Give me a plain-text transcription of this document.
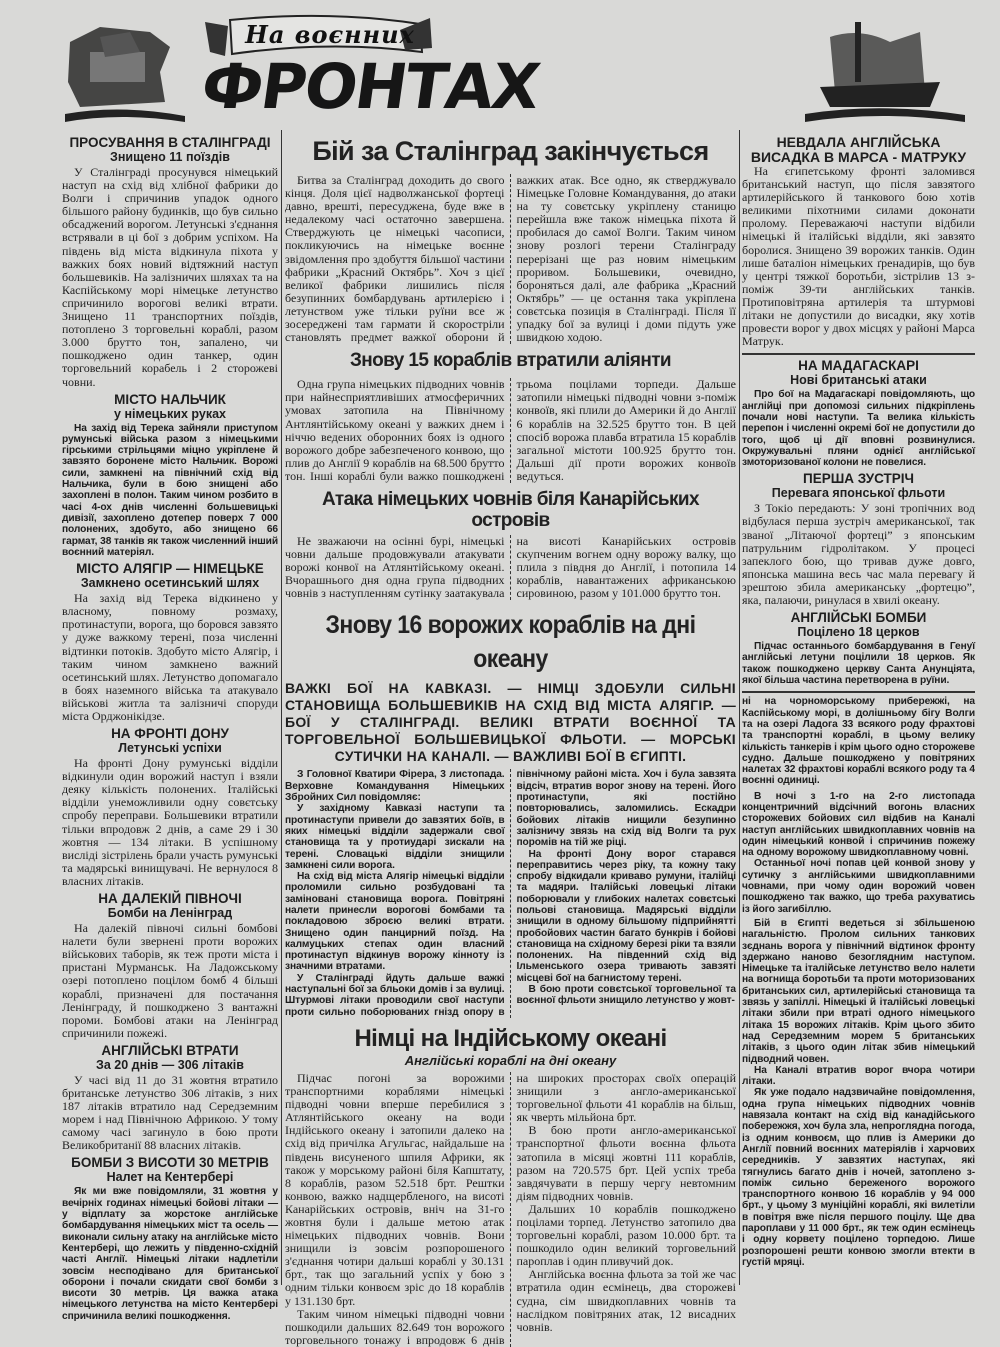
На воєнних
ФРОНТАХ
ПРОСУВАННЯ В СТАЛІНГРАДІ
Знищено 11 поїздів

У Сталінграді просунувся німецький наступ на схід від хлібної фабрики до Волги і спричинив упадок одного більшого району будинків, що був сильно обсаджений ворогом. Летунські з'єднання встрявали в ці бої з добрим успіхом. На південь від міста відкинула піхота у важких боях новий відтяжний наступ большевиків. На залізничих шляхах та на Каспійському морі німецьке летунство спричинило ворогові великі втрати. Знищено 11 транспортних поїздів, потоплено 3 торговельні кораблі, разом 3.000 брутто тон, запалено, чи пошкоджено один танкер, один торговельний корабель і 2 сторожеві човни.

МІСТО НАЛЬЧИК
у німецьких руках

На захід від Терека зайняли приступом румунські війська разом з німецькими гірськими стрільцями міцно укріплене й завзято боронене місто Нальчик. Ворожі сили, замкнені на північний схід від Нальчика, були в бою знищені або захоплені в полон. Таким чином розбито в часі 4-ох днів численні большевицькі дивізії, захоплено дотепер поверх 7 000 полонених, здобуто, або знищено 66 гармат, 38 танків як також численний інший воєнний матеріял.

МІСТО АЛЯГІР — НІМЕЦЬКЕ
Замкнено осетинський шлях

На захід від Терека відкинено у власному, повному розмаху, протинаступи, ворога, що боровся завзято у дуже важкому терені, поза численні відтинки потоків. Здобуто місто Алягір, і таким чином замкнено важний осетинський шлях. Летунство допомагало в боях наземного війська та атакувало військові житла та залізничі споруди міста Орджонікідзе.

НА ФРОНТІ ДОНУ
Летунські успіхи

На фронті Дону румунські відділи відкинули один ворожий наступ і взяли деяку кількість полонених. Італійські відділи унеможливили одну совєтську спробу переправи. Большевики втратили тільки впродовж 2 днів, а саме 29 і 30 жовтня — 134 літаки. В успішному висліді зістрілень брали участь румунські та мадярські винищувачі. Не вернулося 8 власних літаків.

НА ДАЛЕКІЙ ПІВНОЧІ
Бомби на Ленінград

На далекій півночі сильні бомбові налети були звернені проти ворожих військових таборів, як теж проти міста і пристані Мурманськ. На Ладожському озері потоплено поцілом бомб 4 більші кораблі, призначені для постачання Ленінграду, й пошкоджено 3 вантажні пороми. Бомбові атаки на Ленінград спричинили пожежі.

АНГЛІЙСЬКІ ВТРАТИ
За 20 днів — 306 літаків

У часі від 11 до 31 жовтня втратило британське летунство 306 літаків, з них 187 літаків втратило над Середземним морем і над Північною Африкою. У тому самому часі загинуло в бою проти Великобританії 88 власних літаків.

БОМБИ З ВИСОТИ 30 МЕТРІВ
Налет на Кентербері

Як ми вже повідомляли, 31 жовтня у вечірніх годинах німецькі бойові літаки — у відплату за жорстоке англійське бомбардування німецьких міст та осель — виконали сильну атаку на англійське місто Кентербері, що лежить у південно-східній часті Англії. Німецькі літаки надлетіли зовсім несподівано для британської оборони і почали скидати свої бомби з висоти 30 метрів. Ця важка атака німецького летунства на місто Кентербері спричинила великі пошкодження.

Бій за Сталінград закінчується

Битва за Сталінград доходить до свого кінця. Доля цієї надволжанської фортеці давно, врешті, пересуджена, буде вже в недалекому часі остаточно завершена. Стверджують це німецькі часописи, покликуючись на німецьке воєнне звідомлення про здобуття більшої частини фабрики „Красний Октябрь”. Хоч з цієї великої фабрики лишились після безупинних бомбардувань артилерією і летунством уже тільки руїни все ж зосереджені там гармати й скоростріли становлять предмет важкої оборони й важких атак. Все одно, як стверджувало Німецьке Головне Командування, до атаки на ту совєтську укріплену станицю перейшла вже також німецька піхота й пробилася до самої Волги. Таким чином знову розлогі терени Сталінграду перерізані ще раз новим німецьким проривом. Большевики, очевидно, боронятьcя далі, але фабрика „Красний Октябрь” — це остання така укріплена совєтська позиція в Сталінграді. Після її упадку бої за вулиці і доми підуть уже швидкою ходою.

Знову 15 кораблів втратили аліянти

Одна група німецьких підводних човнів при найнесприятливіших атмосферичних умовах затопила на Північному Антлянтійському океані у важких днем і ніччю ведених оборонних боях із одного ворожого добре забезпеченого конвою, що плив до Англії 9 кораблів на 68.500 брутто тон. Інші кораблі були важко пошкоджені трьома поцілами торпеди. Дальше затопили німецькі підводні човни з-поміж конвоїв, які плили до Америки й до Англії 6 кораблів на 32.525 брутто тон. В цей спосіб ворожа плавба втратила 15 кораблів загальної містоти 100.925 брутто тон. Дальші дії проти ворожих конвоїв ведуться.

Атака німецьких човнів біля Канарійських островів

Не зважаючи на осінні бурі, німецькі човни дальше продовжували атакувати ворожі конвої на Атлянтійському океані. Вчорашнього дня одна група підводних човнів з наступленням сутінку заатакувала на висоті Канарійських островів скупченим вогнем одну ворожу валку, що плила з півдня до Англії, і потопила 14 кораблів, навантажених африканською сировиною, разом у 101.000 брутто тон.

Знову 16 ворожих кораблів на дні океану
ВАЖКІ БОЇ НА КАВКАЗІ. — НІМЦІ ЗДОБУЛИ СИЛЬНІ СТАНОВИЩА БОЛЬШЕВИКІВ НА СХІД ВІД МІСТА АЛЯГІР. — БОЇ У СТАЛІНГРАДІ. ВЕЛИКІ ВТРАТИ ВОЄННОЇ ТА ТОРГОВЕЛЬНОЇ БОЛЬШЕВИЦЬКОЇ ФЛЬОТИ. — МОРСЬКІ СУТИЧКИ НА КАНАЛІ. — ВАЖЛИВІ БОЇ В ЄГИПТІ.

З Головної Кватири Фірера, 3 листопада. Верховне Командування Німецьких Збройних Сил повідомляє:

У західному Кавказі наступи та протинаступи привели до завзятих боїв, в яких німецькі відділи задержали свої становища та у протиударі зискали на терені. Словацькі відділи знищили замкнені сили ворога.

На схід від міста Алягір німецькі відділи проломили сильно розбудовані та заміновані становища ворога. Повітряні налети принесли ворогові бомбами та покладовою зброєю великі втрати. Знищено один панцирний поїзд. На калмуцьких степах один власний протинаступ відкинув ворожу кінноту із значними втратами.

У Сталінграді йдуть дальше важкі наступальні бої за бльоки домів і за вулиці. Штурмові літаки проводили свої наступи проти сильно поборюваних гнізд опору в північному районі міста. Хоч і була завзята відсіч, втратив ворог знову на терені. Його протинаступи, які постійно повторювались, заломились. Ескадри бойових літаків нищили безупинно залізничу звязь на схід від Волги та рух поромів на тій же ріці.

На фронті Дону ворог старався переправитись через ріку, та кожну таку спробу відкидали криваво румуни, італійці та мадяри. Італійські ловецькі літаки поборювали у глибоких налетах совєтські польові становища. Мадярські відділи знищили в одному більшому підприйнятті пробойових частин багато бункрів і бойові становища на східному березі ріки та взяли полонених. На південний схід від Ільменського озера тривають завзяті місцеві бої на багнистому терені.

В бою проти совєтської торговельної та воєнної фльоти знищило летунство у жовт-

Німці на Індійському океані
Англійські кораблі на дні океану

Підчас погоні за ворожими транспортними кораблями німецькі підводні човни вперше перебилися з Атлянтійського океану на води Індійського океану і затопили далеко на схід від причілка Агульгас, найдальше на південь висуненого шпиля Африки, як також у морському районі біля Капштату, 8 кораблів, разом 52.518 брт. Рештки конвою, важко надщербленого, на висоті Канарійських островів, вніч на 31-го жовтня були і дальше метою атак німецьких підводних човнів. Вони знищили із зовсім розпорошеного з'єднання чотири дальші кораблі у 30.131 брт., так що загальний успіх у бою з одним тільки конвоєм зріс до 18 кораблів у 131.130 брт.

Таким чином німецькі підводні човни пошкодили дальших 82.649 тон ворожого торговельного тонажу і впродовж 6 днів на широких просторах своїх операцій знищили з англо-американської торговельної фльоти 41 кораблів на більш, як чверть мільйона брт.

В бою проти англо-американської транспортної фльоти воєнна фльота затопила в місяці жовтні 111 кораблів, разом на 720.575 брт. Цей успіх треба завдячувати в першу чергу невтомним діям підводних човнів.

Дальших 10 кораблів пошкоджено поцілами торпед. Летунство затопило два торговельні кораблі, разом 10.000 брт. та пошкодило один великий торговельний пароплав і один пливучий док.

Англійська воєнна фльота за той же час втратила один есмінець, два сторожеві судна, сім швидкоплавних човнів та наслідком повітряних атак, 12 висадних човнів.

НЕВДАЛА АНГЛІЙСЬКА ВИСАДКА В МАРСА - МАТРУКУ

На єгипетському фронті заломився британський наступ, що після завзятого артилерійського й танкового бою хотів великими піхотними силами доконати пролому. Переважаючі наступи відбили німецькі й італійські відділи, які завзято боролися. Знищено 39 ворожих танків. Один лише баталіон німецьких ґренадирів, що був у центрі тяжкої боротьби, зістрілив 13 з-поміж 39-ти англійських танків. Протиповітряна артилерія та штурмові літаки не допустили до висадки, яку хотів провести ворог у двох місцях у районі Марса Матрук.

НА МАДАГАСКАРІ
Нові британські атаки

Про бої на Мадагаскарі повідомляють, що англійці при допомозі сильних підкріплень почали нові наступи. Та велика кількість перепон і численні окремі бої не допустили до того, щоб ці дії вповні розвинулися. Окружувальні пляни однієї англійської змоторизованої колони не повелися.

ПЕРША ЗУСТРІЧ
Перевага японської фльоти

З Токіо передають: У зоні тропічних вод відбулася перша зустріч американської, так званої „Літаючої фортеці” з японським патрульним гідролітаком. У процесі запеклого бою, що тривав дуже довго, японська машина весь час мала перевагу й зрештою збила американську „фортецю”, яка, палаючи, ринулася в хвилі океану.

АНГЛІЙСЬКІ БОМБИ
Поцілено 18 церков

Підчас останнього бомбардування в Генуї англійські летуни поцілили 18 церков. Як також пошкоджено церкву Санта Анунціята, якої більша частина перетворена в руїни.

ні на чорноморському прибережжі, на Каспійському морі, в долішньому бігу Волги та на озері Ладога 33 всякого роду фрахтові та транспортні кораблі, в цьому велику кількість танкерів і крім цього одно сторожеве судно. Дальше пошкоджено у повітряних налетах 32 фрахтові кораблі всякого роду та 4 воєнні одиниці.

В ночі з 1-го на 2-го листопада концентричний відсічний вогонь власних сторожевих бойових сил відбив на Каналі наступ англійських швидкоплавних човнів на один німецький конвой і спричинив пожежу на одному ворожому швидкоплавному човні.

Останньої ночі попав цей конвой знову у сутичку з англійськими швидкоплавними човнами, при чому один ворожий човен пошкоджено так важко, що треба рахуватись із його загибіллю.

Бій в Єгипті ведеться зі збільшеною нагальністю. Пролом сильних танкових зєднань ворога у північний відтинок фронту здержано наново безоглядним наступом. Німецьке та італійське летунство вело налети на вогнища боротьби та проти моторизованих британських сил, артилерійські становища та звязь у запіллі. Німецькі й італійські ловецькі літаки збили при втраті одного німецького літака 15 ворожих літаків. Крім цього збито над Середземним морем 5 британських літаків, з цього один літак збив німецький підводний човен.

На Каналі втратив ворог вчора чотири літаки.

Як уже подало надзвичайне повідомлення, одна група німецьких підводних човнів навязала контакт на схід від канадійського побережжя, хоч була зла, непроглядна погода, із одним конвоєм, що плив із Америки до Англії повний воєнних матеріялів і харчових середників. У завзятих наступах, які тягнулись багато днів і ночей, затоплено з-поміж сильно береженого ворожого транспортного конвою 16 кораблів у 94 000 брт., у цьому 3 муніційні кораблі, які вилетіли в повітря вже після першого поцілу. Ще два пароплави у 11 000 брт., як теж один есмінець і одну корвету поцілено торпедою. Лише розпорошені решти конвою змогли втекти в густій мряці.
